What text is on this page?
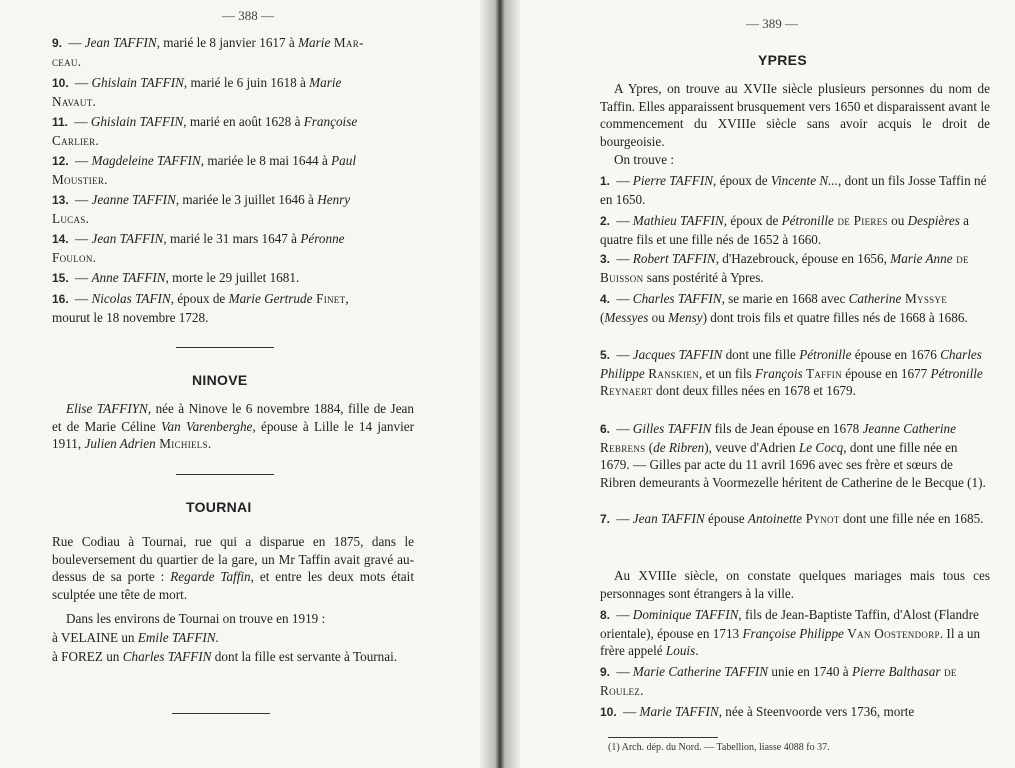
— 388 —
9. — Jean TAFFIN, marié le 8 janvier 1617 à Marie Mar-
ceau.
10. — Ghislain TAFFIN, marié le 6 juin 1618 à Marie
Navaut.
11. — Ghislain TAFFIN, marié en août 1628 à Françoise
Carlier.
12. — Magdeleine TAFFIN, mariée le 8 mai 1644 à Paul
Moustier.
13. — Jeanne TAFFIN, mariée le 3 juillet 1646 à Henry
Lucas.
14. — Jean TAFFIN, marié le 31 mars 1647 à Péronne
Foulon.
15. — Anne TAFFIN, morte le 29 juillet 1681.
16. — Nicolas TAFIN, époux de Marie Gertrude Finet,
mourut le 18 novembre 1728.
NINOVE
Elise TAFFIYN, née à Ninove le 6 novembre 1884, fille de Jean et de Marie Céline Van Varenberghe, épouse à Lille le 14 janvier 1911, Julien Adrien Michiels.
TOURNAI
Rue Codiau à Tournai, rue qui a disparue en 1875, dans le bouleversement du quartier de la gare, un Mr Taffin avait gravé au-dessus de sa porte : Regarde Taffin, et entre les deux mots était sculptée une tête de mort.
Dans les environs de Tournai on trouve en 1919 :
à VELAINE un Emile TAFFIN.
à FOREZ un Charles TAFFIN dont la fille est servante à Tournai.
— 389 —
YPRES
A Ypres, on trouve au XVIIe siècle plusieurs personnes du nom de Taffin. Elles apparaissent brusquement vers 1650 et disparaissent avant le commencement du XVIIIe siècle sans avoir acquis le droit de bourgeoisie.
On trouve :
1. — Pierre TAFFIN, époux de Vincente N..., dont un fils Josse Taffin né en 1650.
2. — Mathieu TAFFIN, époux de Pétronille de Pieres ou Despières a quatre fils et une fille nés de 1652 à 1660.
3. — Robert TAFFIN, d'Hazebrouck, épouse en 1656, Marie Anne de Buisson sans postérité à Ypres.
4. — Charles TAFFIN, se marie en 1668 avec Catherine Myssye (Messyes ou Mensy) dont trois fils et quatre filles nés de 1668 à 1686.
5. — Jacques TAFFIN dont une fille Pétronille épouse en 1676 Charles Philippe Ranskien, et un fils François Taffin épouse en 1677 Pétronille Reynaert dont deux filles nées en 1678 et 1679.
6. — Gilles TAFFIN fils de Jean épouse en 1678 Jeanne Catherine Rebrens (de Ribren), veuve d'Adrien Le Cocq, dont une fille née en 1679. — Gilles par acte du 11 avril 1696 avec ses frère et sœurs de Ribren demeurants à Voormezelle héritent de Catherine de le Becque (1).
7. — Jean TAFFIN épouse Antoinette Pynot dont une fille née en 1685.
Au XVIIIe siècle, on constate quelques mariages mais tous ces personnages sont étrangers à la ville.
8. — Dominique TAFFIN, fils de Jean-Baptiste Taffin, d'Alost (Flandre orientale), épouse en 1713 Françoise Philippe Van Oostendorp. Il a un frère appelé Louis.
9. — Marie Catherine TAFFIN unie en 1740 à Pierre Balthasar de Roulez.
10. — Marie TAFFIN, née à Steenvoorde vers 1736, morte
(1) Arch. dép. du Nord. — Tabellion, liasse 4088 fo 37.
